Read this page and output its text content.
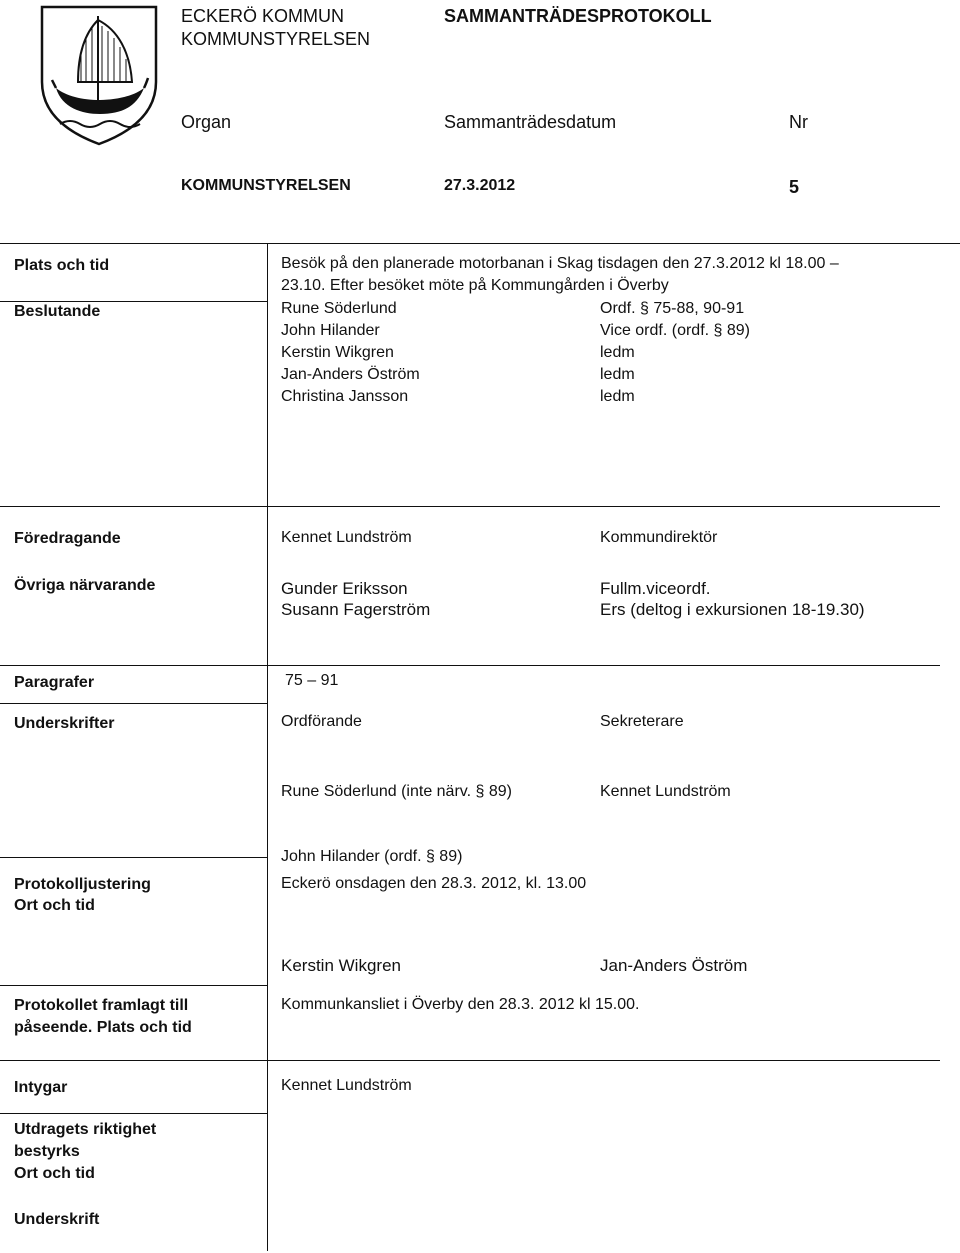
ECKERÖ KOMMUN
KOMMUNSTYRELSEN
SAMMANTRÄDESPROTOKOLL
Organ	Sammanträdesdatum	Nr
KOMMUNSTYRELSEN	27.3.2012	5
Plats och tid	Besök på den planerade motorbanan i Skag tisdagen den 27.3.2012 kl 18.00 –
23.10. Efter besöket möte på Kommungården i Överby
Beslutande	Rune Söderlund	Ordf. § 75-88, 90-91
John Hilander	Vice ordf. (ordf. § 89)
Kerstin Wikgren	ledm
Jan-Anders Öström	ledm
Christina Jansson	ledm
Föredragande	Kennet Lundström	Kommundirektör
Övriga närvarande	Gunder Eriksson	Fullm.viceordf.
Susann Fagerström	Ers (deltog i exkursionen 18-19.30)
Paragrafer	75 – 91
Underskrifter	Ordförande	Sekreterare
Rune Söderlund (inte närv. § 89)	Kennet Lundström
John Hilander (ordf. § 89)
Protokolljustering
Ort och tid
Eckerö onsdagen den 28.3. 2012, kl. 13.00
Kerstin Wikgren	Jan-Anders Öström
Protokollet framlagt till
påseende. Plats och tid
Kommunkansliet i Överby den 28.3. 2012 kl 15.00.
Intygar	Kennet Lundström
Utdragets riktighet
bestyrks
Ort och tid
Underskrift
